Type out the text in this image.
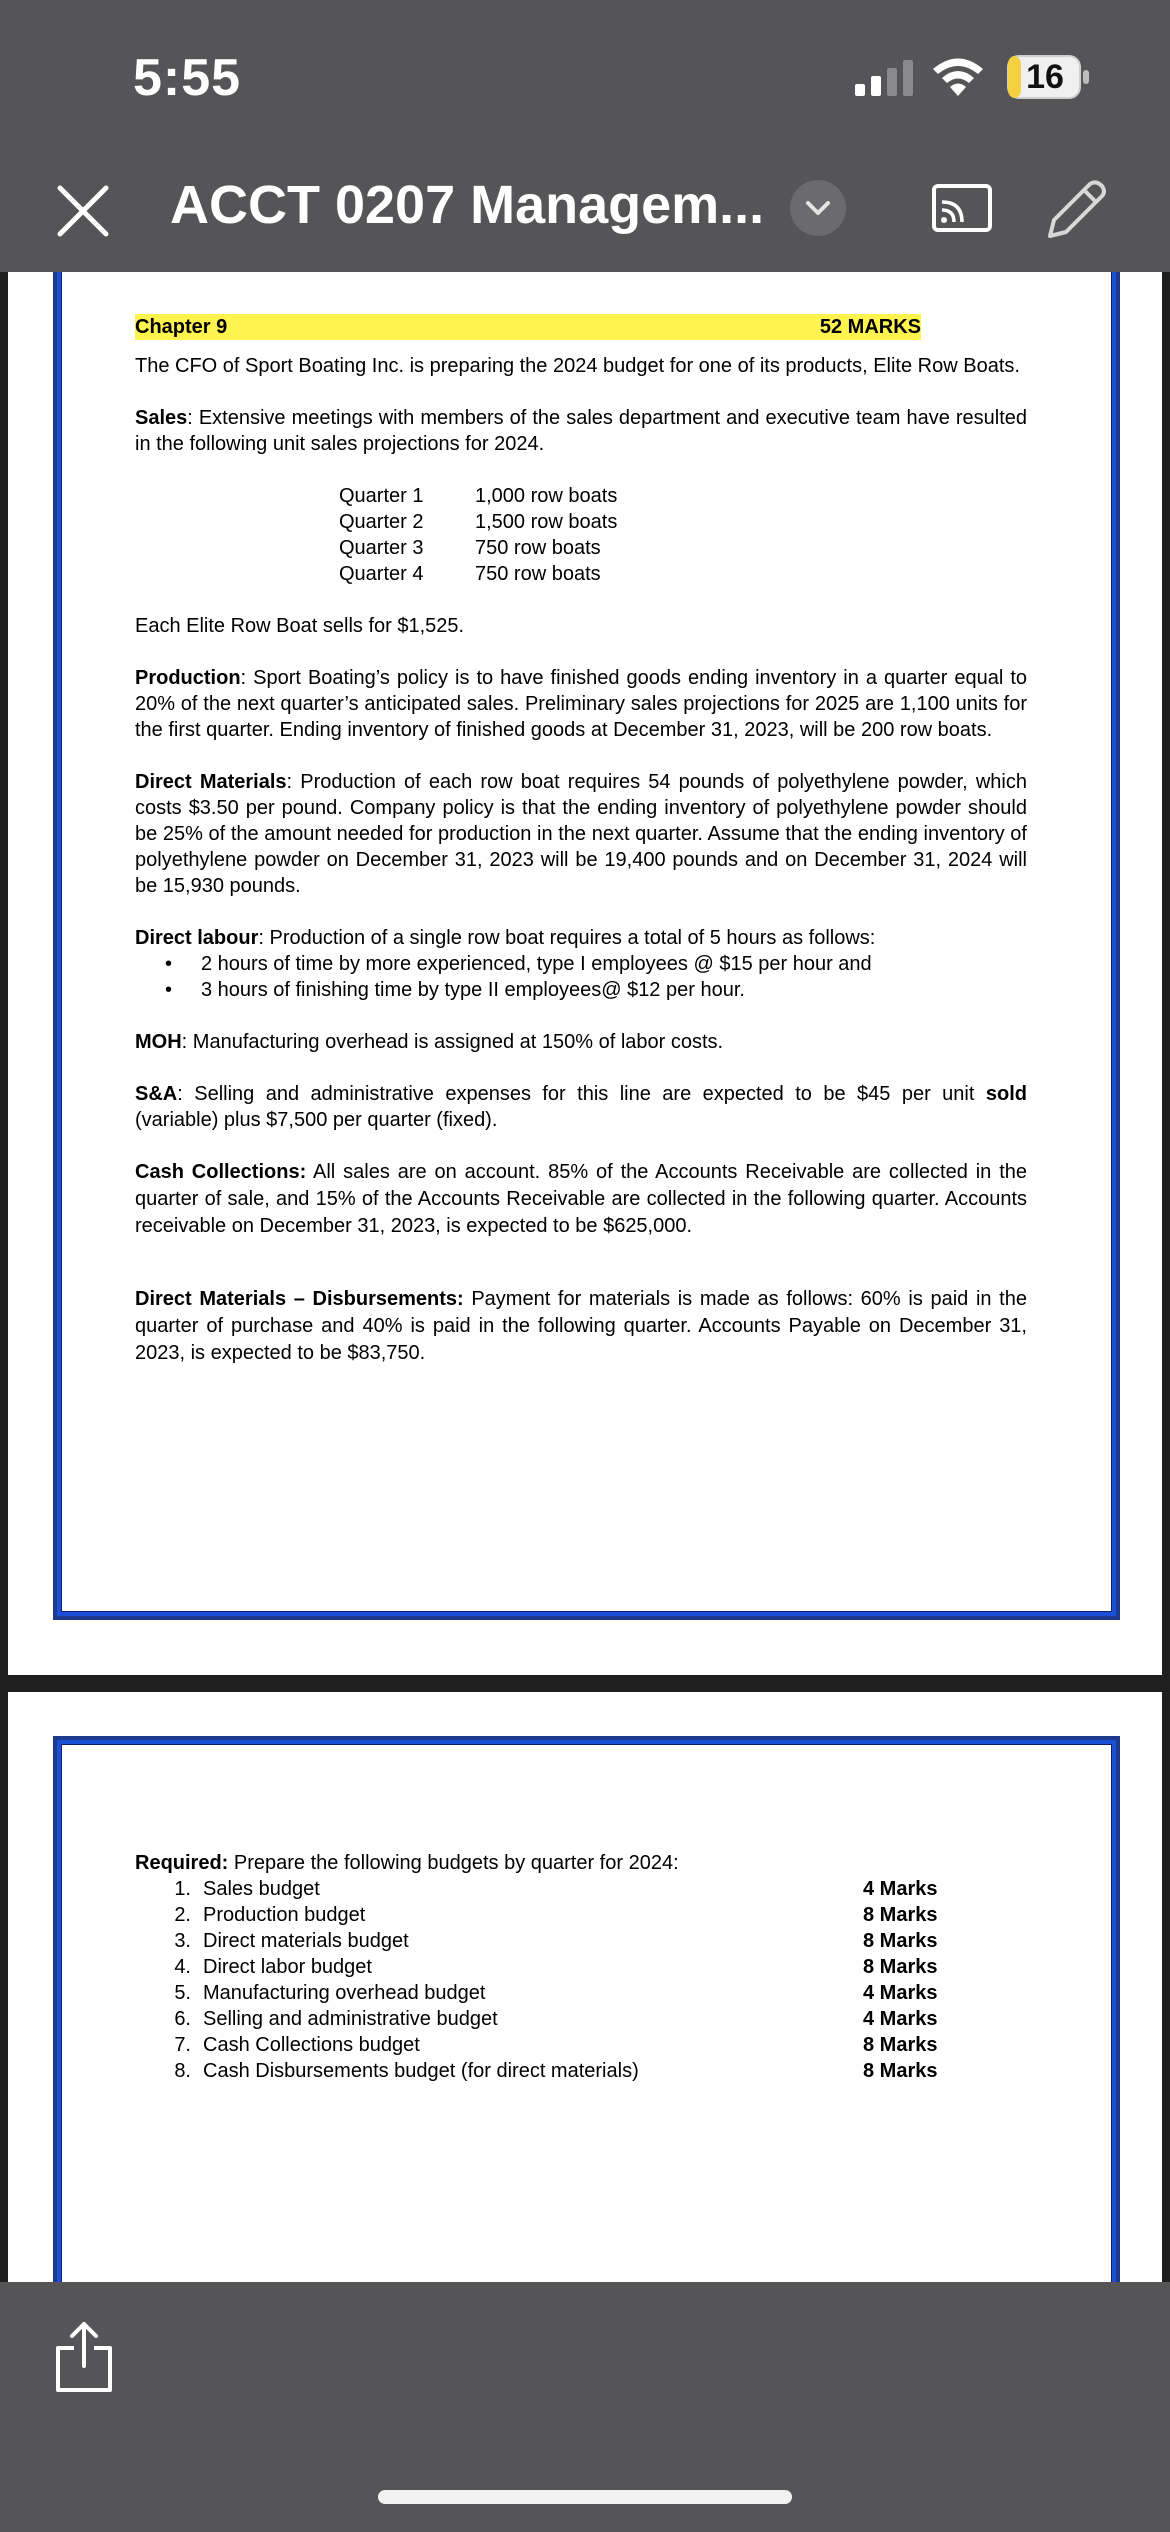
5:55	16
ACCT 0207 Managem...
Chapter 9	52 MARKS

The CFO of Sport Boating Inc. is preparing the 2024 budget for one of its products, Elite Row Boats.

Sales: Extensive meetings with members of the sales department and executive team have resulted in the following unit sales projections for 2024.

Quarter 1	1,000 row boats
Quarter 2	1,500 row boats
Quarter 3	750 row boats
Quarter 4	750 row boats

Each Elite Row Boat sells for $1,525.

Production: Sport Boating’s policy is to have finished goods ending inventory in a quarter equal to 20% of the next quarter’s anticipated sales. Preliminary sales projections for 2025 are 1,100 units for the first quarter. Ending inventory of finished goods at December 31, 2023, will be 200 row boats.

Direct Materials: Production of each row boat requires 54 pounds of polyethylene powder, which costs $3.50 per pound. Company policy is that the ending inventory of polyethylene powder should be 25% of the amount needed for production in the next quarter. Assume that the ending inventory of polyethylene powder on December 31, 2023 will be 19,400 pounds and on December 31, 2024 will be 15,930 pounds.

Direct labour: Production of a single row boat requires a total of 5 hours as follows:

• 2 hours of time by more experienced, type I employees @ $15 per hour and
• 3 hours of finishing time by type II employees@ $12 per hour.

MOH: Manufacturing overhead is assigned at 150% of labor costs.

S&A: Selling and administrative expenses for this line are expected to be $45 per unit sold (variable) plus $7,500 per quarter (fixed).

Cash Collections: All sales are on account. 85% of the Accounts Receivable are collected in the quarter of sale, and 15% of the Accounts Receivable are collected in the following quarter. Accounts receivable on December 31, 2023, is expected to be $625,000.

Direct Materials – Disbursements: Payment for materials is made as follows: 60% is paid in the quarter of purchase and 40% is paid in the following quarter. Accounts Payable on December 31, 2023, is expected to be $83,750.

Required: Prepare the following budgets by quarter for 2024:

1. Sales budget	4 Marks
2. Production budget	8 Marks
3. Direct materials budget	8 Marks
4. Direct labor budget	8 Marks
5. Manufacturing overhead budget	4 Marks
6. Selling and administrative budget	4 Marks
7. Cash Collections budget	8 Marks
8. Cash Disbursements budget (for direct materials)	8 Marks
